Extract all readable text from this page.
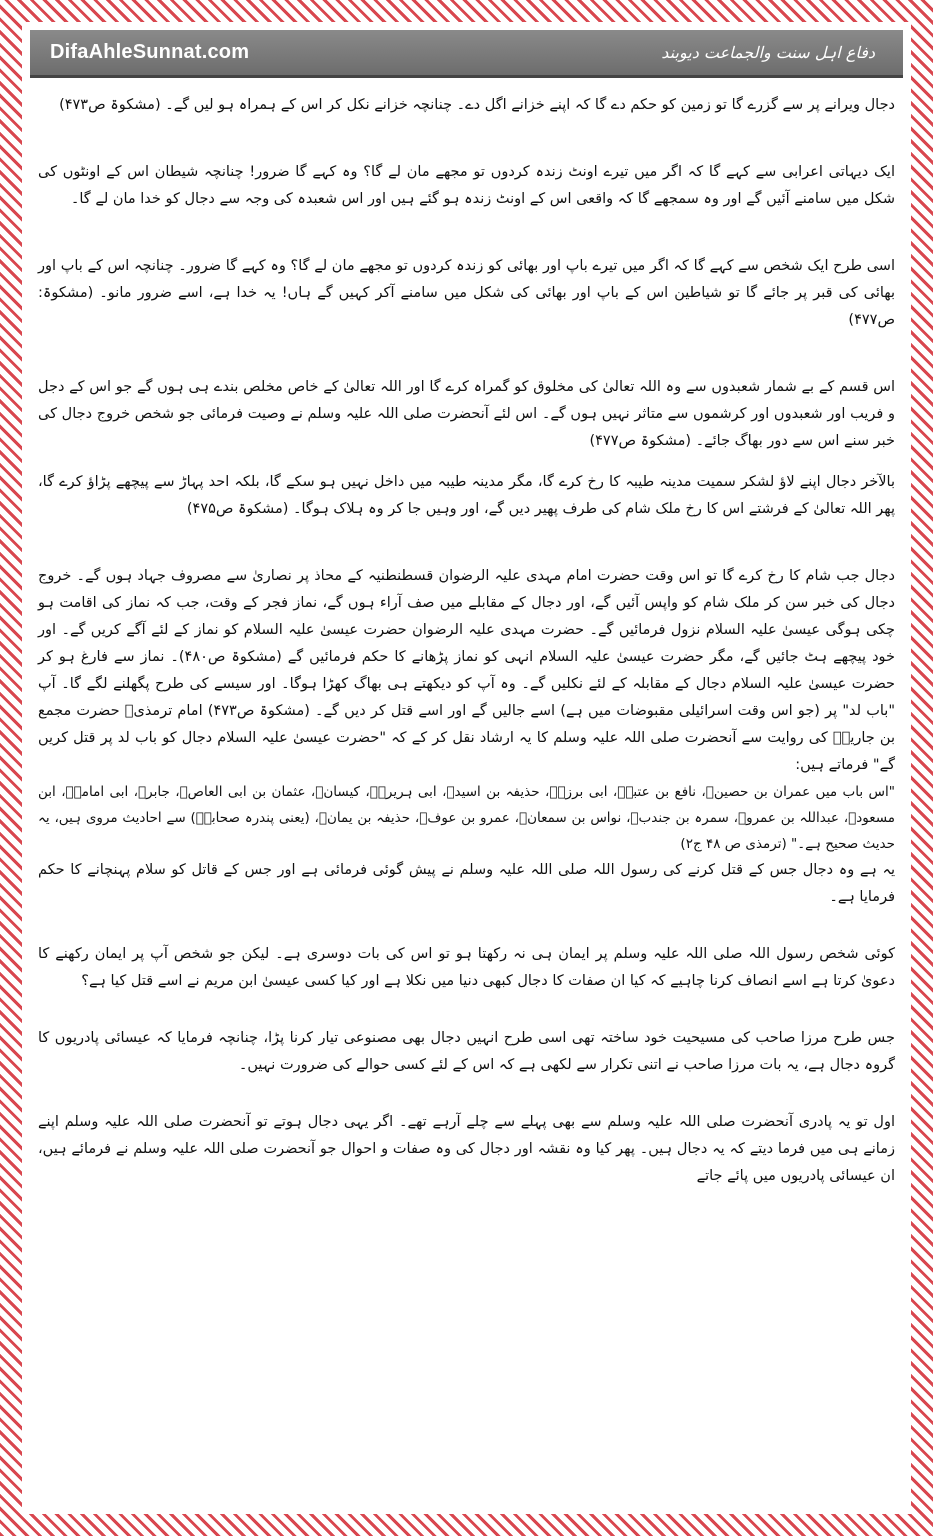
DifaAhleSunnat.com	دفاع اہل سنت والجماعت دیوبند

دجال ویرانے پر سے گزرے گا تو زمین کو حکم دے گا کہ اپنے خزانے اگل دے۔ چنانچہ خزانے نکل کر اس کے ہمراہ ہو لیں گے۔ (مشکوۃ ص۴۷۳)

ایک دیہاتی اعرابی سے کہے گا کہ اگر میں تیرے اونٹ زندہ کردوں تو مجھے مان لے گا؟ وہ کہے گا ضرور! چنانچہ شیطان اس کے اونٹوں کی شکل میں سامنے آئیں گے اور وہ سمجھے گا کہ واقعی اس کے اونٹ زندہ ہو گئے ہیں اور اس شعبدہ کی وجہ سے دجال کو خدا مان لے گا۔

اسی طرح ایک شخص سے کہے گا کہ اگر میں تیرے باپ اور بھائی کو زندہ کردوں تو مجھے مان لے گا؟ وہ کہے گا ضرور۔ چنانچہ اس کے باپ اور بھائی کی قبر پر جائے گا تو شیاطین اس کے باپ اور بھائی کی شکل میں سامنے آکر کہیں گے ہاں! یہ خدا ہے، اسے ضرور مانو۔ (مشکوۃ: ص۴۷۷)

اس قسم کے بے شمار شعبدوں سے وہ اللہ تعالیٰ کی مخلوق کو گمراہ کرے گا اور اللہ تعالیٰ کے خاص مخلص بندے ہی ہوں گے جو اس کے دجل و فریب اور شعبدوں اور کرشموں سے متاثر نہیں ہوں گے۔ اس لئے آنحضرت صلی اللہ علیہ وسلم نے وصیت فرمائی جو شخص خروج دجال کی خبر سنے اس سے دور بھاگ جائے۔ (مشکوۃ ص۴۷۷)

بالآخر دجال اپنے لاؤ لشکر سمیت مدینہ طیبہ کا رخ کرے گا، مگر مدینہ طیبہ میں داخل نہیں ہو سکے گا، بلکہ احد پہاڑ سے پیچھے پڑاؤ کرے گا، پھر اللہ تعالیٰ کے فرشتے اس کا رخ ملک شام کی طرف پھیر دیں گے، اور وہیں جا کر وہ ہلاک ہوگا۔ (مشکوۃ ص۴۷۵)

دجال جب شام کا رخ کرے گا تو اس وقت حضرت امام مہدی علیہ الرضوان قسطنطنیہ کے محاذ پر نصاریٰ سے مصروف جہاد ہوں گے۔ خروج دجال کی خبر سن کر ملک شام کو واپس آئیں گے، اور دجال کے مقابلے میں صف آراء ہوں گے، نماز فجر کے وقت، جب کہ نماز کی اقامت ہو چکی ہوگی عیسیٰ علیہ السلام نزول فرمائیں گے۔ حضرت مہدی علیہ الرضوان حضرت عیسیٰ علیہ السلام کو نماز کے لئے آگے کریں گے۔ اور خود پیچھے ہٹ جائیں گے، مگر حضرت عیسیٰ علیہ السلام انہی کو نماز پڑھانے کا حکم فرمائیں گے (مشکوۃ ص۴۸۰)۔ نماز سے فارغ ہو کر حضرت عیسیٰ علیہ السلام دجال کے مقابلہ کے لئے نکلیں گے۔ وہ آپ کو دیکھتے ہی بھاگ کھڑا ہوگا۔ اور سیسے کی طرح پگھلنے لگے گا۔ آپ "باب لد" پر (جو اس وقت اسرائیلی مقبوضات میں ہے) اسے جالیں گے اور اسے قتل کر دیں گے۔ (مشکوۃ ص۴۷۳) امام ترمذیؒ حضرت مجمع بن جاریہؓ کی روایت سے آنحضرت صلی اللہ علیہ وسلم کا یہ ارشاد نقل کر کے کہ "حضرت عیسیٰ علیہ السلام دجال کو باب لد پر قتل کریں گے" فرماتے ہیں:

"اس باب میں عمران بن حصینؓ، نافع بن عتبہؓ، ابی برزہؓ، حذیفہ بن اسیدؓ، ابی ہریرہؓ، کیسانؓ، عثمان بن ابی العاصؓ، جابرؓ، ابی امامہؓ، ابن مسعودؓ، عبداللہ بن عمروؓ، سمرہ بن جندبؓ، نواس بن سمعانؓ، عمرو بن عوفؓ، حذیفہ بن یمانؓ، (یعنی پندرہ صحابہؓ) سے احادیث مروی ہیں، یہ حدیث صحیح ہے۔" (ترمذی ص ۴۸ ج۲)

یہ ہے وہ دجال جس کے قتل کرنے کی رسول اللہ صلی اللہ علیہ وسلم نے پیش گوئی فرمائی ہے اور جس کے قاتل کو سلام پہنچانے کا حکم فرمایا ہے۔

کوئی شخص رسول اللہ صلی اللہ علیہ وسلم پر ایمان ہی نہ رکھتا ہو تو اس کی بات دوسری ہے۔ لیکن جو شخص آپ پر ایمان رکھنے کا دعویٰ کرتا ہے اسے انصاف کرنا چاہیے کہ کیا ان صفات کا دجال کبھی دنیا میں نکلا ہے اور کیا کسی عیسیٰ ابن مریم نے اسے قتل کیا ہے؟

جس طرح مرزا صاحب کی مسیحیت خود ساختہ تھی اسی طرح انہیں دجال بھی مصنوعی تیار کرنا پڑا، چنانچہ فرمایا کہ عیسائی پادریوں کا گروہ دجال ہے، یہ بات مرزا صاحب نے اتنی تکرار سے لکھی ہے کہ اس کے لئے کسی حوالے کی ضرورت نہیں۔

اول تو یہ پادری آنحضرت صلی اللہ علیہ وسلم سے بھی پہلے سے چلے آرہے تھے۔ اگر یہی دجال ہوتے تو آنحضرت صلی اللہ علیہ وسلم اپنے زمانے ہی میں فرما دیتے کہ یہ دجال ہیں۔ پھر کیا وہ نقشہ اور دجال کی وہ صفات و احوال جو آنحضرت صلی اللہ علیہ وسلم نے فرمائے ہیں، ان عیسائی پادریوں میں پائے جاتے
